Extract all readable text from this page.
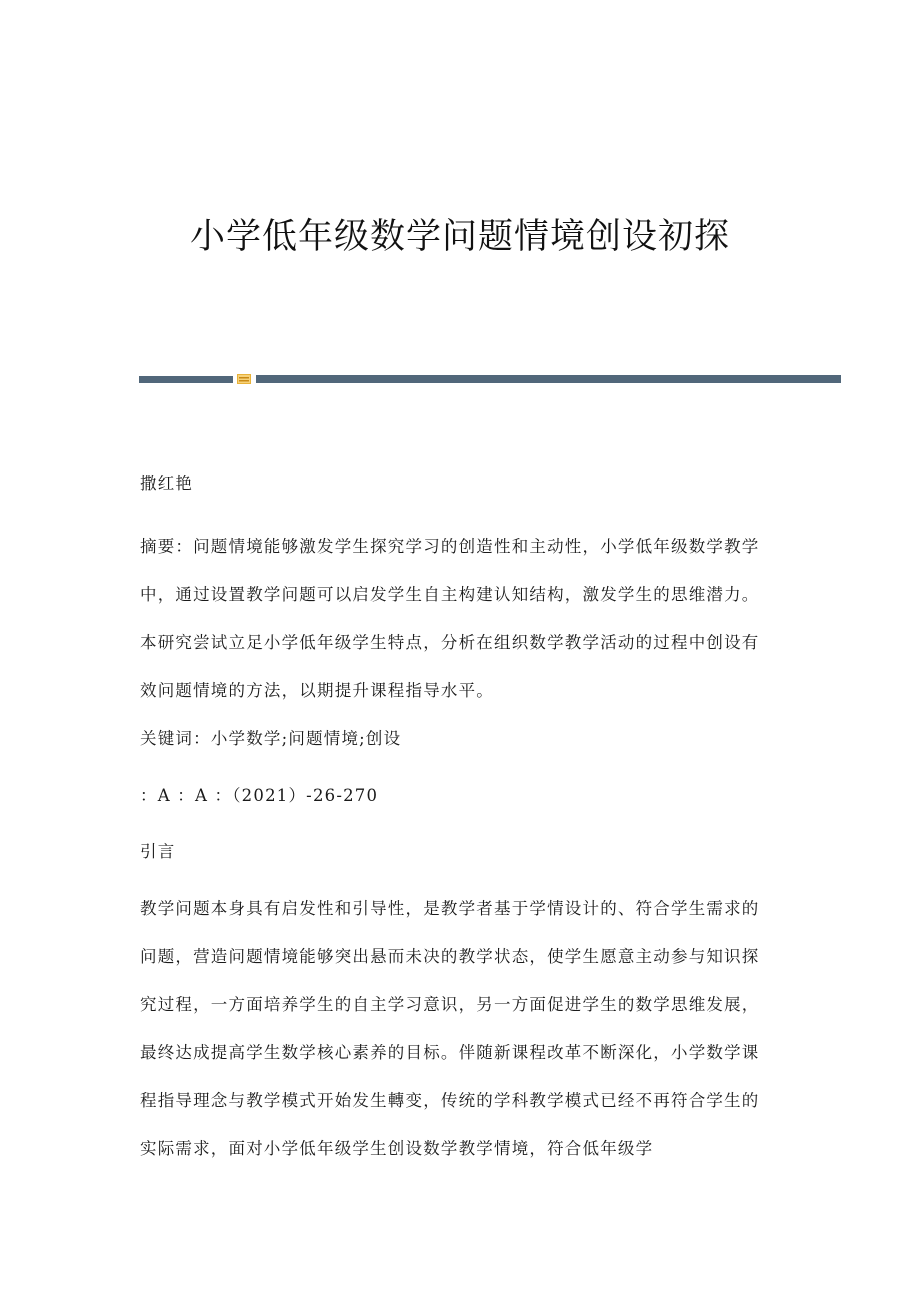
小学低年级数学问题情境创设初探

撒红艳

摘要：问题情境能够激发学生探究学习的创造性和主动性，小学低年级数学教学中，通过设置教学问题可以启发学生自主构建认知结构，激发学生的思维潜力。本研究尝试立足小学低年级学生特点，分析在组织数学教学活动的过程中创设有效问题情境的方法，以期提升课程指导水平。

关键词：小学数学;问题情境;创设

：A ：A ：（2021）-26-270

引言

教学问题本身具有启发性和引导性，是教学者基于学情设计的、符合学生需求的问题，营造问题情境能够突出悬而未决的教学状态，使学生愿意主动参与知识探究过程，一方面培养学生的自主学习意识，另一方面促进学生的数学思维发展，最终达成提高学生数学核心素养的目标。伴随新课程改革不断深化，小学数学课程指导理念与教学模式开始发生轉变，传统的学科教学模式已经不再符合学生的实际需求，面对小学低年级学生创设数学教学情境，符合低年级学
